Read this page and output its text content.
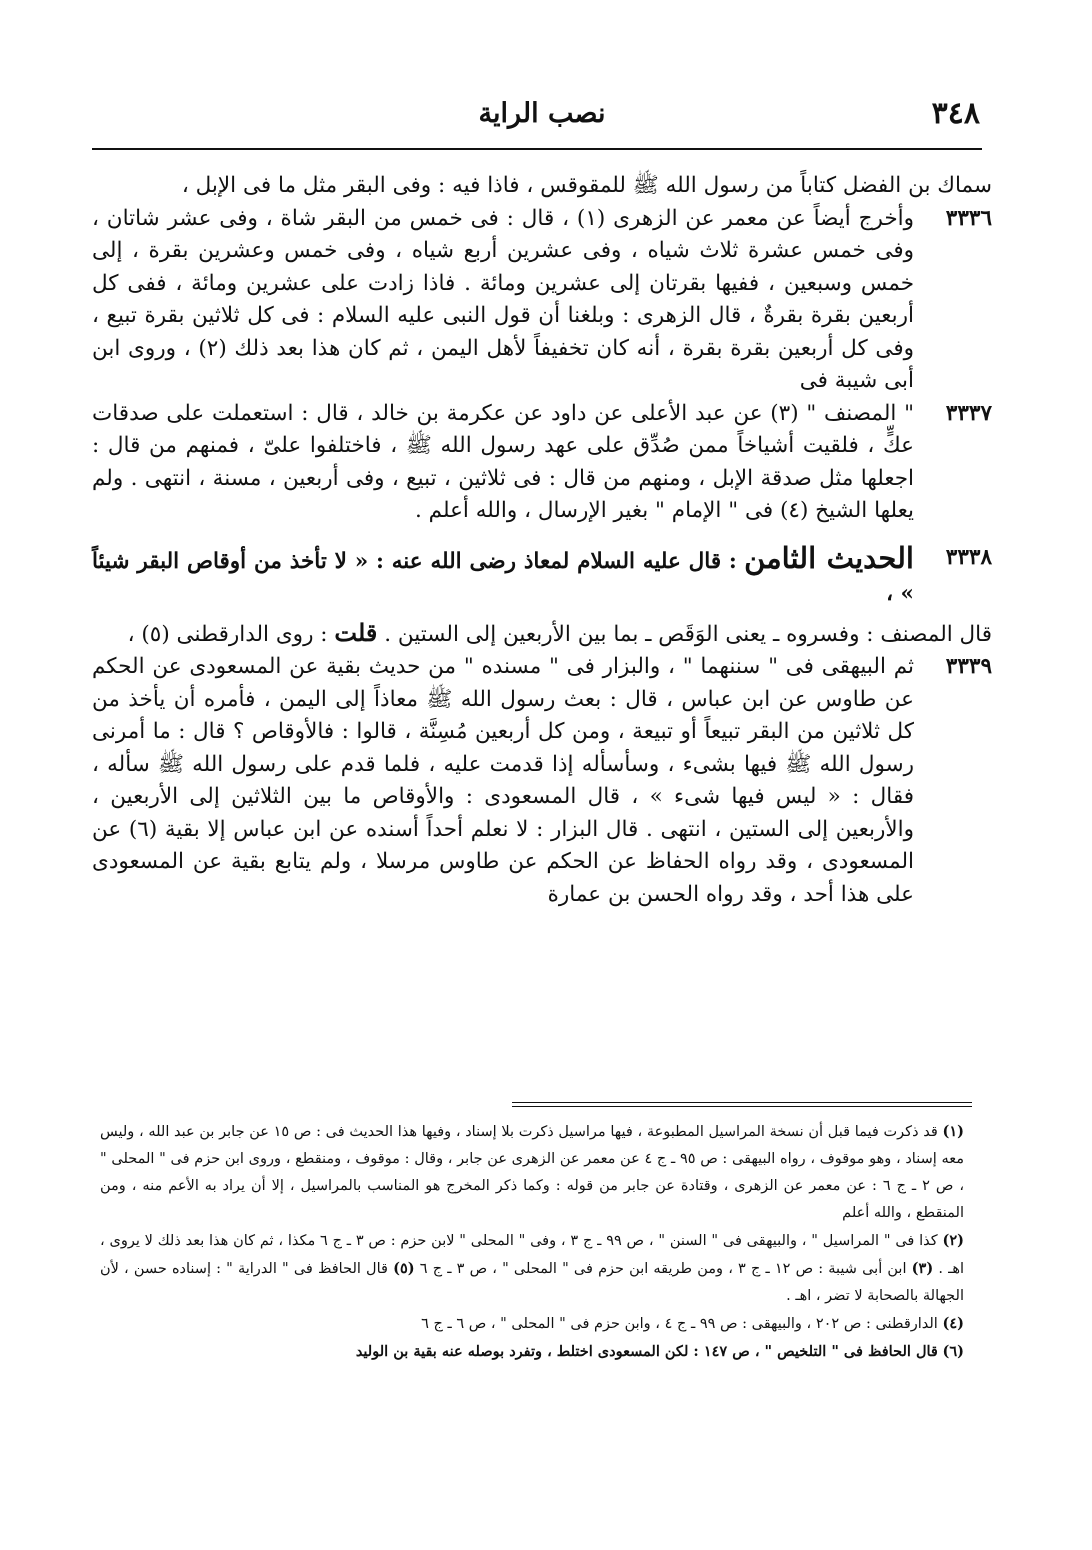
٣٤٨
نصب الراية

سماك بن الفضل كتاباً من رسول الله ﷺ للمقوقس ، فاذا فيه : وفى البقر مثل ما فى الإبل ،

٣٣٣٦
وأخرج أيضاً عن معمر عن الزهرى (١) ، قال : فى خمس من البقر شاة ، وفى عشر شاتان ، وفى خمس عشرة ثلاث شياه ، وفى عشرين أربع شياه ، وفى خمس وعشرين بقرة ، إلى خمس وسبعين ، ففيها بقرتان إلى عشرين ومائة . فاذا زادت على عشرين ومائة ، ففى كل أربعين بقرة بقرةٌ ، قال الزهرى : وبلغنا أن قول النبى عليه السلام : فى كل ثلاثين بقرة تبيع ، وفى كل أربعين بقرة بقرة ، أنه كان تخفيفاً لأهل اليمن ، ثم كان هذا بعد ذلك (٢) ، وروى ابن أبى شيبة فى

٣٣٣٧
" المصنف " (٣) عن عبد الأعلى عن داود عن عكرمة بن خالد ، قال : استعملت على صدقات عكٍّ ، فلقيت أشياخاً ممن صُدِّق على عهد رسول الله ﷺ ، فاختلفوا علىّ ، فمنهم من قال : اجعلها مثل صدقة الإبل ، ومنهم من قال : فى ثلاثين ، تبيع ، وفى أربعين ، مسنة ، انتهى . ولم يعلها الشيخ (٤) فى " الإمام " بغير الإرسال ، والله أعلم .

٣٣٣٨
الحديث الثامن : قال عليه السلام لمعاذ رضى الله عنه : « لا تأخذ من أوقاص البقر شيئاً » ،

قال المصنف : وفسروه ـ يعنى الوَقَص ـ بما بين الأربعين إلى الستين . قلت : روى الدارقطنى (٥) ،

٣٣٣٩
ثم البيهقى فى " سننهما " ، والبزار فى " مسنده " من حديث بقية عن المسعودى عن الحكم عن طاوس عن ابن عباس ، قال : بعث رسول الله ﷺ معاذاً إلى اليمن ، فأمره أن يأخذ من كل ثلاثين من البقر تبيعاً أو تبيعة ، ومن كل أربعين مُسِنَّة ، قالوا : فالأوقاص ؟ قال : ما أمرنى رسول الله ﷺ فيها بشىء ، وسأسأله إذا قدمت عليه ، فلما قدم على رسول الله ﷺ سأله ، فقال : « ليس فيها شىء » ، قال المسعودى : والأوقاص ما بين الثلاثين إلى الأربعين ، والأربعين إلى الستين ، انتهى . قال البزار : لا نعلم أحداً أسنده عن ابن عباس إلا بقية (٦) عن المسعودى ، وقد رواه الحفاظ عن الحكم عن طاوس مرسلا ، ولم يتابع بقية عن المسعودى على هذا أحد ، وقد رواه الحسن بن عمارة

(١) قد ذكرت فيما قبل أن نسخة المراسيل المطبوعة ، فيها مراسيل ذكرت بلا إسناد ، وفيها هذا الحديث فى : ص ١٥ عن جابر بن عبد الله ، وليس معه إسناد ، وهو موقوف ، رواه البيهقى : ص ٩٥ ـ ج ٤ عن معمر عن الزهرى عن جابر ، وقال : موقوف ، ومنقطع ، وروى ابن حزم فى " المحلى " ، ص ٢ ـ ج ٦ : عن معمر عن الزهرى ، وقتادة عن جابر من قوله : وكما ذكر المخرج هو المناسب بالمراسيل ، إلا أن يراد به الأعم منه ، ومن المنقطع ، والله أعلم

(٢) كذا فى " المراسيل " ، والبيهقى فى " السنن " ، ص ٩٩ ـ ج ٣ ، وفى " المحلى " لابن حزم : ص ٣ ـ ج ٦ مكذا ، ثم كان هذا بعد ذلك لا يروى ، اهـ . (٣) ابن أبى شيبة : ص ١٢ ـ ج ٣ ، ومن طريقه ابن حزم فى " المحلى " ، ص ٣ ـ ج ٦ (٥) قال الحافظ فى " الدراية " : إسناده حسن ، لأن الجهالة بالصحابة لا تضر ، اهـ .

(٤) الدارقطنى : ص ٢٠٢ ، والبيهقى : ص ٩٩ ـ ج ٤ ، وابن حزم فى " المحلى " ، ص ٦ ـ ج ٦

(٦) قال الحافظ فى " التلخيص " ، ص ١٤٧ : لكن المسعودى اختلط ، وتفرد بوصله عنه بقية بن الوليد
